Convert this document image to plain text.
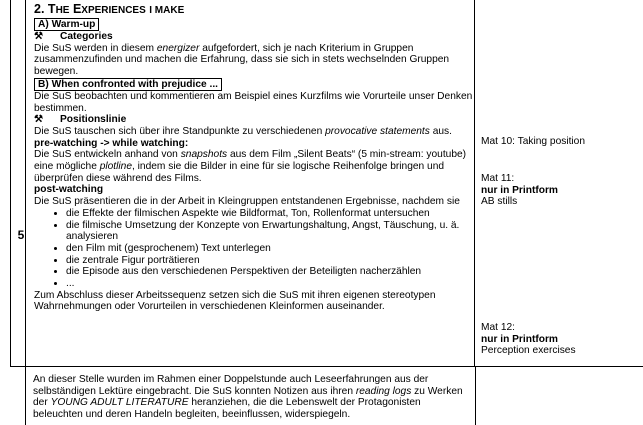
5

2. THE EXPERIENCES I MAKE

A) Warm-up

⚒	Categories

Die SuS werden in diesem energizer aufgefordert, sich je nach Kriterium in Gruppen zusammenzufinden und machen die Erfahrung, dass sie sich in stets wechselnden Gruppen bewegen.

B) When confronted with prejudice ...

Die SuS beobachten und kommentieren am Beispiel eines Kurzfilms wie Vorurteile unser Denken bestimmen.

⚒	Positionslinie

Die SuS tauschen sich über ihre Standpunkte zu verschiedenen provocative statements aus.

pre-watching -> while watching:

Die SuS entwickeln anhand von snapshots aus dem Film „Silent Beats“ (5 min-stream: youtube) eine mögliche plotline, indem sie die Bilder in eine für sie logische Reihenfolge bringen und überprüfen diese während des Films.

post-watching

Die SuS präsentieren die in der Arbeit in Kleingruppen entstandenen Ergebnisse, nachdem sie

• die Effekte der filmischen Aspekte wie Bildformat, Ton, Rollenformat untersuchen
• die filmische Umsetzung der Konzepte von Erwartungshaltung, Angst, Täuschung, u. ä. analysieren
• den Film mit (gesprochenem) Text unterlegen
• die zentrale Figur porträtieren
• die Episode aus den verschiedenen Perspektiven der Beteiligten nacherzählen
• ...

Zum Abschluss dieser Arbeitssequenz setzen sich die SuS mit ihren eigenen stereotypen Wahrnehmungen oder Vorurteilen in verschiedenen Kleinformen auseinander.

Mat 10: Taking position

Mat 11:

nur in Printform

AB stills

Mat 12:

nur in Printform

Perception exercises

An dieser Stelle wurden im Rahmen einer Doppelstunde auch Leseerfahrungen aus der selbständigen Lektüre eingebracht. Die SuS konnten Notizen aus ihren reading logs zu Werken der YOUNG ADULT LITERATURE heranziehen, die die Lebenswelt der Protagonisten beleuchten und deren Handeln begleiten, beeinflussen, widerspiegeln.
